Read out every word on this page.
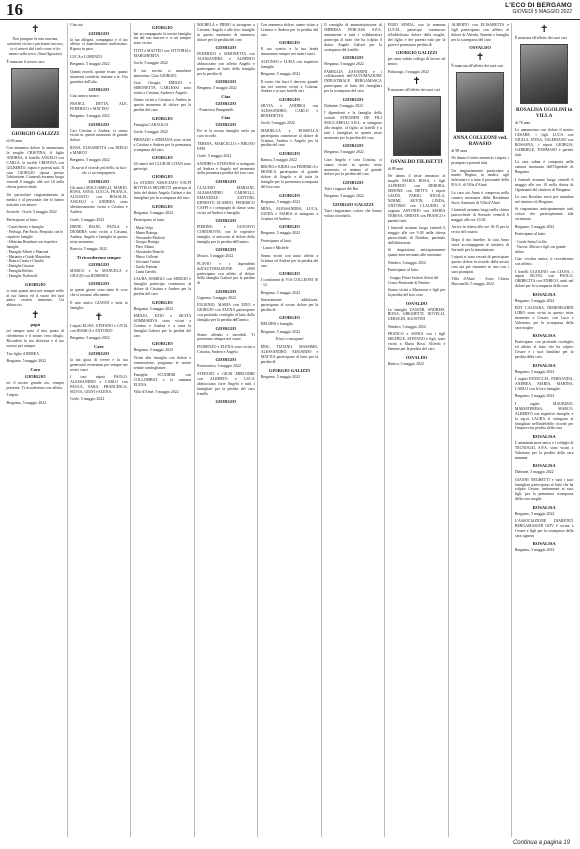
16	L'ECO DI BERGAMO
GIOVEDÌ 5 MAGGIO 2022
✝
Non piangete la mia assenza, sentitemi vicino e parlatemi ancora, io vi amerò dal cielo come vi ho amato sulla terra. (Sant'Agostino)

È mancato il nostro caro

GIORGIO GALIZZI

di 69 anni

Con immenso dolore lo annunciano la moglie CRISTINA, il figlio ANDREA, il fratello ANGELO con CARLA, le sorelle CRISTINA con GILBERTO, nipoti e parenti tutti. Il caro GIORGIO riposa presso l'abitazione. I funerali avranno luogo venerdì 6 maggio alle ore 10 nella chiesa parrocchiale.

Un particolare ringraziamento ai medici e al personale che lo hanno assistito con amore.

Sorisole - Gorle, 5 maggio 2022

Partecipano al lutto:

- Casati Imerio e famiglia
- Pierluigi, Pier Paolo, Pierpaolo con le rispettive famiglie
- Albertina Bonalumi con rispettive famiglie
- Famiglia Alberti e Manzoni
- Mariarita e Guido Mazzoleni
- Bianca Cassia e Claudio
- Famiglia Gavazzi
- Famiglia Reffaio
- Famiglia Tiraboschi

GIORGIO

io tutti quanti ansi noi sempre nello al tuo fianco ed il vuoto dei tuoi amici resterà immenso. Un abbraccio.

✝
papà

sei sempre stato il mio punto di riferimento e il nostro vero rifugio. Ricorderò la tua dolcezza e il tuo sorriso per sempre.

Tuo figlio ANDREA

Bergamo, 5 maggio 2022

Caro
GIORGIO

eri il nostro grande zio, sempre presente. Ti ricorderemo con affetto.

I nipoti

Bergamo, 5 maggio 2022

Ciao zio

GIORGIO

la tua allegria, compagnia e il tuo affetto ci mancheranno moltissimo. Riposa in pace.

LUCA e LORENZO

Bergamo, 5 maggio 2022

Quanti ricordi, quante risate, quanti momenti condivisi insieme a te. Ora guardaci dall'alto.

GIORGIO

Ciao amico nostro.

FRANCI, DETTA, ALE, FEDERICO e MATTEO

Bergamo, 5 maggio 2022

GIORGIO

Cari Cristina e Andrea, vi siamo vicini in questo momento di grande dolore.

ROSA, ELISABETTA con DIEGO e MARCO

Bergamo, 5 maggio 2022

Tu sarai il ricordo più bello, la luce che ci accompagnerà.
GIORGIO

Gli amici MACCARELLI, MARIO, ROSA, ANNA, LUCCA, FRANCA, AUGUSTO con ROSALIA, ANGELO e ANDREA sono affettuosamente vicini a Cristina e Andrea.

Gorle, 5 maggio 2022

IRENE, BIANI, PAOLA e DIOMIRA sono vicini a Cristina, Andrea, Angelo e famiglia in questo triste momento.

Brescia, 5 maggio 2022

Ti ricorderemo sempre
GIORGIO

MARCO e la MANUELA e GIULIO con ROBERTA

GIORGIO

in questi giorni sono tante le cose che ci tornano alla mente.

Il mio amico GIANNI e tutta la famiglia.

✝

I nipoti ELISA, STEFANO e LIVIA con JESSICA e ANTONIO

Bergamo, 5 maggio 2022

Caro
GIORGIO

la tua gioia di vivere e la tua generosità resteranno per sempre nei nostri cuori.

I tuoi nipoti PAOLO, ALESSANDRO e CARLO con PAOLA, SARA, FRANCESCA, SILVIA, GIUSI e ELENA.

Gorle, 5 maggio 2022

GIORGIO

hai accompagnato la nostra famiglia sin dal suo nascere e ci sei sempre stato vicino.

TITTI e MATTEO con VITTORIA e MARGHERITA

Gorle, 5 maggio 2022

Il tuo sorriso ci mancherà tantissimo. Ciao GIORGIO.

Ciao Giorgio, EMILIO e SIMONETTA CARLESSI sono vicini a Cristina, Andrea e Angelo.

Siamo vicini a Cristina e Andrea in questo momento di dolore per la perdita del caro

GIORGIO

Famiglia CARAGLIA

Gorle, 5 maggio 2022

PIERADO e ADRIANA sono vicini a Cristina e Andrea per la prematura scomparsa del caro

GIORGIO

Gli amici del CLUB DI LITAN sono partecipi.

GIORGIO

Lo STUDIO ASSOCIATO VOLPI BOTTEGA MICHETTI partecipa al lutto del dottor Angelo Galizzi e dei famigliari per la scomparsa del caro

GIORGIO

Bergamo, 5 maggio 2022

Partecipano al lutto:

- Mario Volpi
- Mauro Bottega
- Alessandro Michetti
- Giorgio Bottega
- Piero Albani
- Alessandro Bianchi
- Marco Colleoni
- Giovanni Cattini
- Guido Fontana
- Linda Gavello

LAURA SOMIGLI con SERGIO e famiglia partecipa commossa al dolore di Cristina e Andrea per la perdita del caro

GIORGIO

Bergamo, 5 maggio 2022

EMILIO, EZIO e SILVIA SOMMARIVA sono vicini a Cristina e Andrea e a tutta la famiglia Galizzi per la perdita del caro

GIORGIO

Bergamo, 5 maggio 2022

Vicini alla famiglia con dolore e commozione, porgiamo le nostre sentite condoglianze.

Famiglia SCUDIERI con COLLOMBAT e la mamma ELENA.

Villa d'Almè, 5 maggio 2022

MICHELA e PIERO si stringono a Cristina, Angelo e alle loro famiglie in questo momento di immenso dolore per la perdita del caro

GIORGIO

FEDERICO e SIMONETTA con ALESSANDRA e ALBERTO abbracciano con affetto Angelo e partecipano al lutto della famiglia per la perdita di

GIORGIO

Bergamo, 5 maggio 2022

Ciao
GIORGIO

- Francesco Bampinelli

Ciao
GIORGIO

Per te la nostra famiglia serbi un caro ricordo.

TERESA, MARCELLO e BRUNO EPIS

Gorle, 5 maggio 2022

SANDRO e STEFANIA si stringono ad Andrea e Angelo nel momento della prematura perdita del loro caro

GIORGIO

CLAUDIO MARIANI, ALESSANDRO CARNELLI, EMANUELE ZATTONI, ERNESTO SUARDO, FEDERICO CAFFI e i compagni di classe sono vicini ad Andrea e famiglia.

GIORGIO

PIERINO e GUSTAVO CORTINOVIS, con le rispettive famiglie, si uniscono al dolore della famiglia per la perdita dell'amico

GIORGIO

Mozzo, 5 maggio 2022

FLAVIO e i dipendenti dell'AUTOMAZIONE 2000 partecipano con affetto al dolore della famiglia Galizzi per la perdita di

GIORGIO

Urgnano, 5 maggio 2022

EUGENIO, MARIA con EZIO e GIORGIO con ELENA partecipano con profondo cordoglio al lutto della famiglia per la perdita dell'amico

GIORGIO

Siamo affranti e increduli. Ti porteremo sempre nel cuore.

FIORENZO e ELENA sono vicini a Cristina, Andrea e Angelo.

GIORGIO

Ponteranica, 5 maggio 2022

STEFANO e GIUSI MIRCOBRI con ALBERTO e LUCA abbracciano forte Angelo e tutti i famigliari per la perdita del caro fratello

GIORGIO

Con immenso dolore, siamo vicini a Cristina e Andrea per la perdita del caro

GIORGIO

Il tuo sorriso e la tua bontà rimarranno sempre nei nostri cuori.

ALFONSO e LUISA con rispettive famiglie.

Bergamo, 5 maggio 2022

Il vuoto che lasci è davvero grande ma noi saremo vicini a Cristina, Andrea e ai tuoi fratelli cari.

GIORGIO

SILVIA e ANDREA con ALESSANDRO, CARLO e BENEDETTA

Gorle, 5 maggio 2022

MARIELLA e ROSSELLA partecipano commosse al dolore di Cristina, Andrea e Angelo per la perdita del caro

GIORGIO

Ranica, 5 maggio 2022

BRUNO e KIKKI con FEDERICA e MONICA partecipano al grande dolore di Angelo e di tutta la famiglia per la prematura scomparsa del loro caro

GIORGIO

Bergamo, 5 maggio 2022

MINA, ALESSANDRA, LUCA, GUIDA e MARIA si stringono a Cristina ed Andrea.

GIORGIO

Bergamo, 5 maggio 2022

Partecipano al lutto:

- Laura e Michele

Siamo vicini con tanto affetto a Cristina ed Andrea per la perdita del caro

GIORGIO

I condomini di VIA COLLEONI 10 - 12

Bergamo, 5 maggio 2022

Sinceramente addolorati, partecipano al vostro dolore per la perdita di

GIORGIO

HELDER e famiglia

Bergamo, 5 maggio 2022

Tristi e rassegnati

ERIC, TIZIANO, MASSIMO, ALESSANDRO, EDOARDO e MATTIA partecipano al lutto per la perdita di

GIORGIO GALIZZI

Bergamo, 5 maggio 2022

Il consiglio di amministrazione di IMPRESA FERCASS S.P.A. unitamente a tutti i collaboratori partecipa al lutto che ha colpito il dottor Angelo Galizzi per la scomparsa del fratello

GIORGIO

Bergamo, 5 maggio 2022

FAMIGLIA ZANARINI e i collaboratori dell'AUTOMAZIONE INDUSTRIALE BERGAMASCA partecipano al lutto dei famigliari per la scomparsa del caro

GIORGIO

Dalmine, 5 maggio 2022

I dipendenti e la famiglia della società STRUMINI DE FILI MACCARELLI S.R.L. si stringono alla moglie, al figlio, ai fratelli e a tutti i famigliari in questo triste momento per la perdita del caro

GIORGIO

Bergamo, 5 maggio 2022

Caro Angelo e cara Cristina, ci siamo vicini in questo triste momento, ci uniamo al grande dolore per la perdita del caro

GIORGIO

Tutti i ragazzi del Bar

Bergamo, 5 maggio 2022

GIORGIO GALIZZI

Tutti ringraziano coloro che hanno voluto ricordarlo.

ENZO SPADA, con la mamma LUCIA, partecipa commosso all'addolorato dolore della moglie, del figlio e dei parenti tutti per la grave e prematura perdita di

GIORGIO GALIZZI

per anni valido collega di lavoro ed amico.

Palazzago, 5 maggio 2022

✝

È mancato all'affetto dei suoi cari

OSVALDO FILISETTI

di 89 anni

Ne danno il triste annuncio la moglie MARIA ROSA, i figli ALFREDO con DEBORA, SIMONE con BETTY, i nipoti GIADA, FABIO, NICOLA, NOEMI, KEVIN, LINDA, ANTONIO con CLAUDIO, il cognato ANTONIO con MARIA TERESA, ORESTE con FRANCO e parenti tutti.

I funerali avranno luogo venerdì 6 maggio alle ore 9:30 nella chiesa parrocchiale di Nembro, partendo dall'abitazione.

Si ringraziano anticipatamente quanti interverranno alle onoranze.

Nembro, 5 maggio 2022

Partecipano al lutto:

- Gruppo Pittori Scultori Artisti del Centro Pensionati di Nembro

Siamo vicini a Mariarosa e figli per la perdita del loro caro

OSVALDO

Le famiglie ZANCHI, ANDREIS, BONA, GRIGHETTI, NOVELLI, GEROLDI, AGOSTINI

Nembro, 5 maggio 2022

FRANCO e SONIA con i figli MICHELE, STEFANO e figli, sono vicini a Maria Rosa, Alfredo e Simone per la perdita del caro

OSVALDO

Ranica, 5 maggio 2022

ALBERTO con ELISABETTA e figli partecipano con affetto al dolore di Alfredo, Simone e famiglia per la scomparsa del caro

OSVALDO
✝

È mancata all'affetto dei suoi cari

ANNA COLLEONI ved. RAVASIO

di 98 anni

Ne danno il triste annuncio i nipoti, i pronipoti e parenti tutti.

Un ringraziamento particolare a madre Regina, ai medici, agli infermieri e a tutto il personale della R.S.A. di Villa d'Almè.

La cara zia Anna è composta nella camera mortuaria della Residenza Socio Sanitaria di Villa d'Almè.

I funerali avranno luogo nella chiesa parrocchiale di Sorisole venerdì 6 maggio alle ore 10:30.

Arrivo in chiesa alle ore 10:15 per la recita del rosario.

Dopo il rito funebre, la cara Anna verrà accompagnata al cimitero di Sorisole per la tumulazione.

I nipoti si sono cercati di partecipare questo dolore in ricordo della nostra cara zia per rimanere in uno con i suoi pronipoti.

Villa d'Almè - Sotto Chiesa Baccanello, 5 maggio 2022

✝

È mancata all'affetto dei suoi cari

ROSALISA UGOLINI in VILLA

di 76 anni

Lo annunciano con dolore il marito CESARE, i figli LUCA con GIULIA, STINA, VALERIANO con ROSSANA, i nipoti GIORGIA, GABRIELE, TOMMASO e parenti tutti.

La cara salma è composta nella camera mortuaria dell'Ospedale di Bergamo.

I funerali avranno luogo venerdì 6 maggio alle ore 10 nella chiesa di Ognissanti del cimitero di Bergamo.

La cara Rosalisa verrà poi tumulata nel cimitero di Bergamo.

Si ringraziano anticipatamente tutti coloro che parteciperanno alla cerimonia.

Bergamo, 5 maggio 2022

Partecipano al lutto:

- Corale Santa Cecilia
- Nuccia, Alberto e figli con grande dolore

Ciao vecchia amica, ti ricorderemo con affetto.

I fratelli UGOLINO con LIANA, i nipoti SILVIO con PAOLO, ORIBECITA con ENRICO, uniti nel dolore per la scomparsa della cara

ROSALISA

Bergamo, 5 maggio 2022

EDY CALDARA, DIMENEGHINI LIBIO sono vicini in questo triste momento a Cesare, con Luca e Valeriano, per la scomparsa della cara moglie

ROSALISA

Partecipano con profondo cordoglio ed affetto al lutto che ha colpito Cesare e i suoi familiari per la perdita della cara

ROSALISA

Bergamo, 5 maggio 2022

I cugini FENUCCIA, FERNANDA, ANDREA, MARIA, MARINA, CARLO con le loro famiglie.

Bergamo, 5 maggio 2022

I cugini MAURIZIO, MARIATERESA, MARCO, ALBERTO con rispettive famiglie, e la sig.ra LAURA si stringono ai famigliari nell'indelebile ricordo per l'improvvisa perdita della cara

ROSALISA

L'amministratore unico e i colleghi di TECNOGAL S.P.A. sono vicini a Valeriano per la perdita della cara mamma

ROSALISA

Dalmine, 5 maggio 2022

GIANNI NEGRETTI e tutti i suoi famigliari partecipano al lutto che ha colpito Cesare, unitamente ai suoi figli, per la prematura scomparsa della cara moglie

ROSALISA

Bergamo, 5 maggio 2022

L'ASSOCIAZIONE DIABETICI BERGAMASCHI ODV è vicina a Cesare e figli per la scomparsa della cara signora

ROSALISA

Bergamo, 5 maggio 2022

Continua a pagina 19
